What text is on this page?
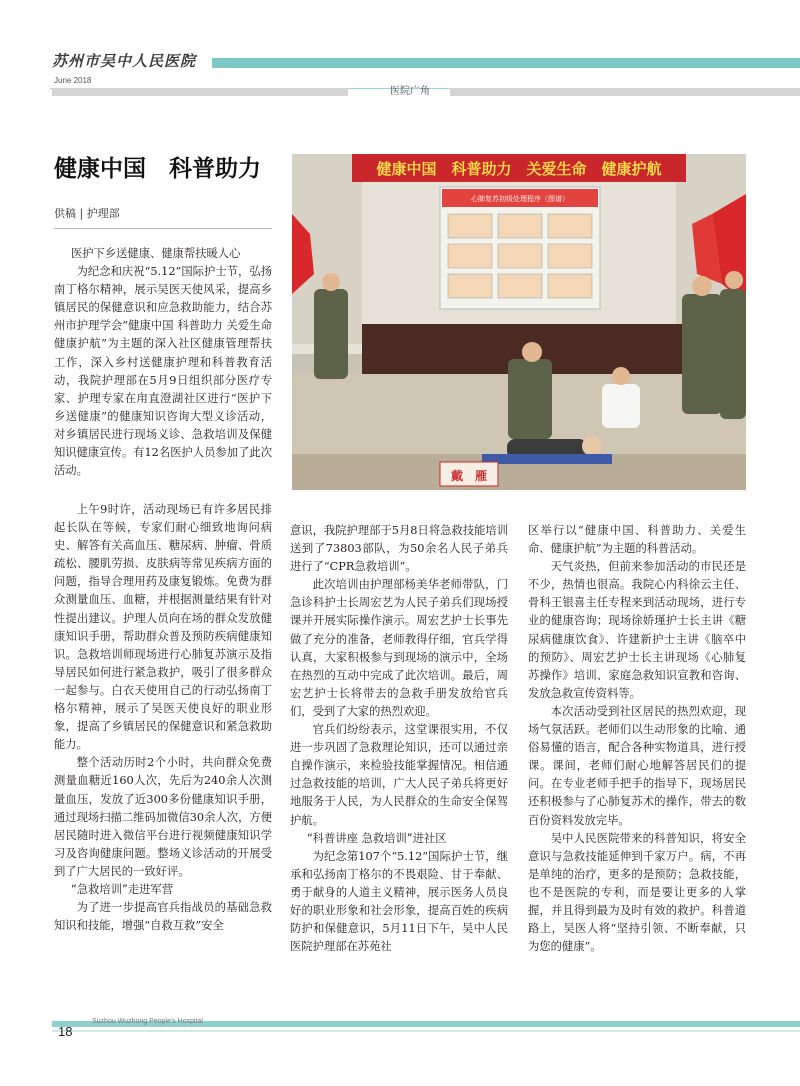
苏州市吴中人民医院
June 2018
医院广角
健康中国　科普助力
供稿 | 护理部
健康中国　科普助力　关爱生命　健康护航
心肺复苏初级处理程序（图谱）
戴　雁
医护下乡送健康、健康帮扶暖人心

为纪念和庆祝“5.12”国际护士节，弘扬南丁格尔精神，展示吴医天使风采，提高乡镇居民的保健意识和应急救助能力，结合苏州市护理学会“健康中国 科普助力 关爱生命 健康护航”为主题的深入社区健康管理帮扶工作，深入乡村送健康护理和科普教育活动，我院护理部在5月9日组织部分医疗专家、护理专家在甪直澄湖社区进行“医护下乡送健康”的健康知识咨询大型义诊活动，对乡镇居民进行现场义诊、急救培训及保健知识健康宣传。有12名医护人员参加了此次活动。

上午9时许，活动现场已有许多居民排起长队在等候，专家们耐心细致地询问病史、解答有关高血压、糖尿病、肿瘤、骨质疏松、腰肌劳损、皮肤病等常见疾病方面的问题，指导合理用药及康复锻炼。免费为群众测量血压、血糖，并根据测量结果有针对性提出建议。护理人员向在场的群众发放健康知识手册，帮助群众普及预防疾病健康知识。急救培训师现场进行心肺复苏演示及指导居民如何进行紧急救护，吸引了很多群众一起参与。白衣天使用自己的行动弘扬南丁格尔精神，展示了吴医天使良好的职业形象，提高了乡镇居民的保健意识和紧急救助能力。

整个活动历时2个小时，共向群众免费测量血糖近160人次，先后为240余人次测量血压，发放了近300多份健康知识手册，通过现场扫描二维码加微信30余人次，方便居民随时进入微信平台进行视频健康知识学习及咨询健康问题。整场义诊活动的开展受到了广大居民的一致好评。

“急救培训”走进军营

为了进一步提高官兵指战员的基础急救知识和技能，增强“自救互救”安全

意识，我院护理部于5月8日将急救技能培训送到了73803部队，为50余名人民子弟兵进行了“CPR急救培训”。

此次培训由护理部杨美华老师带队，门急诊科护士长周宏艺为人民子弟兵们现场授课并开展实际操作演示。周宏艺护士长事先做了充分的准备，老师教得仔细，官兵学得认真，大家积极参与到现场的演示中，全场在热烈的互动中完成了此次培训。最后，周宏艺护士长将带去的急救手册发放给官兵们，受到了大家的热烈欢迎。

官兵们纷纷表示，这堂课很实用，不仅进一步巩固了急救理论知识，还可以通过亲自操作演示，来检验技能掌握情况。相信通过急救技能的培训，广大人民子弟兵将更好地服务于人民，为人民群众的生命安全保驾护航。

“科普讲座 急救培训”进社区

为纪念第107个“5.12”国际护士节，继承和弘扬南丁格尔的不畏艰险、甘于奉献、勇于献身的人道主义精神，展示医务人员良好的职业形象和社会形象，提高百姓的疾病防护和保健意识，5月11日下午，吴中人民医院护理部在苏苑社

区举行以“健康中国、科普助力、关爱生命、健康护航”为主题的科普活动。

天气炎热，但前来参加活动的市民还是不少，热情也很高。我院心内科徐云主任、骨科王银喜主任专程来到活动现场，进行专业的健康咨询；现场徐娇瑾护士长主讲《糖尿病健康饮食》、许建新护士主讲《脑卒中的预防》、周宏艺护士长主讲现场《心肺复苏操作》培训、家庭急救知识宣教和咨询、发放急救宣传资料等。

本次活动受到社区居民的热烈欢迎，现场气氛活跃。老师们以生动形象的比喻、通俗易懂的语言，配合各种实物道具，进行授课。课间，老师们耐心地解答居民们的提问。在专业老师手把手的指导下，现场居民还积极参与了心肺复苏术的操作，带去的数百份资料发放完毕。

吴中人民医院带来的科普知识，将安全意识与急救技能延伸到千家万户。病，不再是单纯的治疗，更多的是预防；急救技能，也不是医院的专利，而是要让更多的人掌握，并且得到最为及时有效的救护。科普道路上，吴医人将“坚持引领、不断奉献，只为您的健康”。

18
Suzhou Wuzhong People's Hospital
